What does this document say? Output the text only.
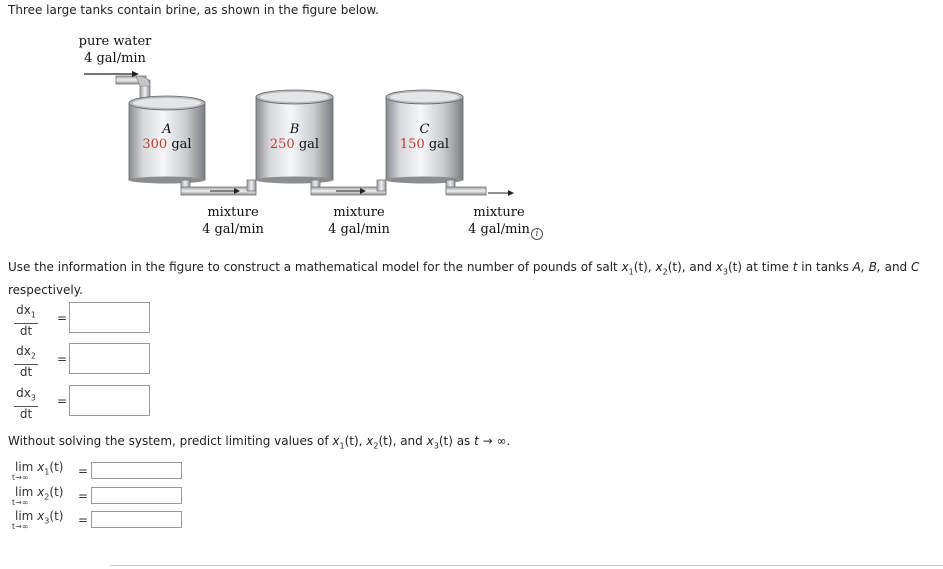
Three large tanks contain brine, as shown in the figure below.
pure water
4 gal/min
A
300 gal
B
250 gal
C
150 gal
mixture
4 gal/min
mixture
4 gal/min
mixture
4 gal/min i
Use the information in the figure to construct a mathematical model for the number of pounds of salt $x_1(t)$, $x_2(t)$, and $x_3(t)$ at time t in tanks A, B, and C respectively.
$dx_1$
dt
=
$dx_2$
dt
=
$dx_3$
dt
=
Without solving the system, predict limiting values of $x_1(t)$, $x_2(t)$, and $x_3(t)$ as t → ∞.
$\lim x_1(t)$
t→∞	=
$\lim x_2(t)$
t→∞	=
$\lim x_3(t)$
t→∞	=
